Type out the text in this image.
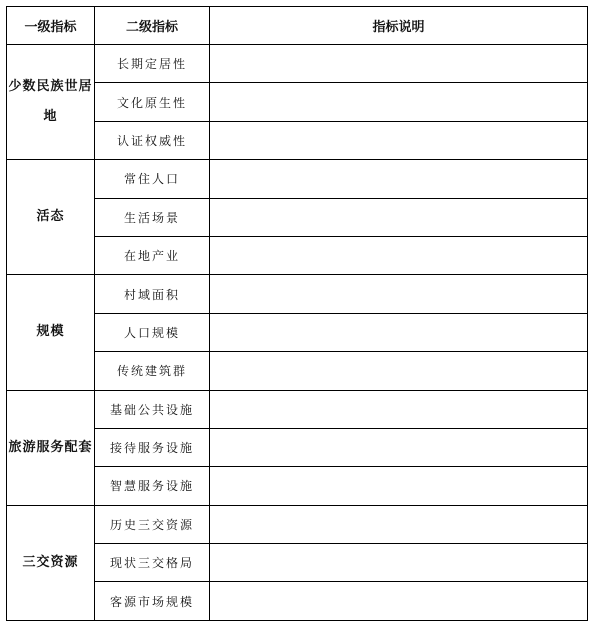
一级指标	二级指标	指标说明
少数民族世居地	长期定居性	
	文化原生性	
	认证权威性	
活态	常住人口	
	生活场景	
	在地产业	
规模	村域面积	
	人口规模	
	传统建筑群	
旅游服务配套	基础公共设施	
	接待服务设施	
	智慧服务设施	
三交资源	历史三交资源	
	现状三交格局	
	客源市场规模	
